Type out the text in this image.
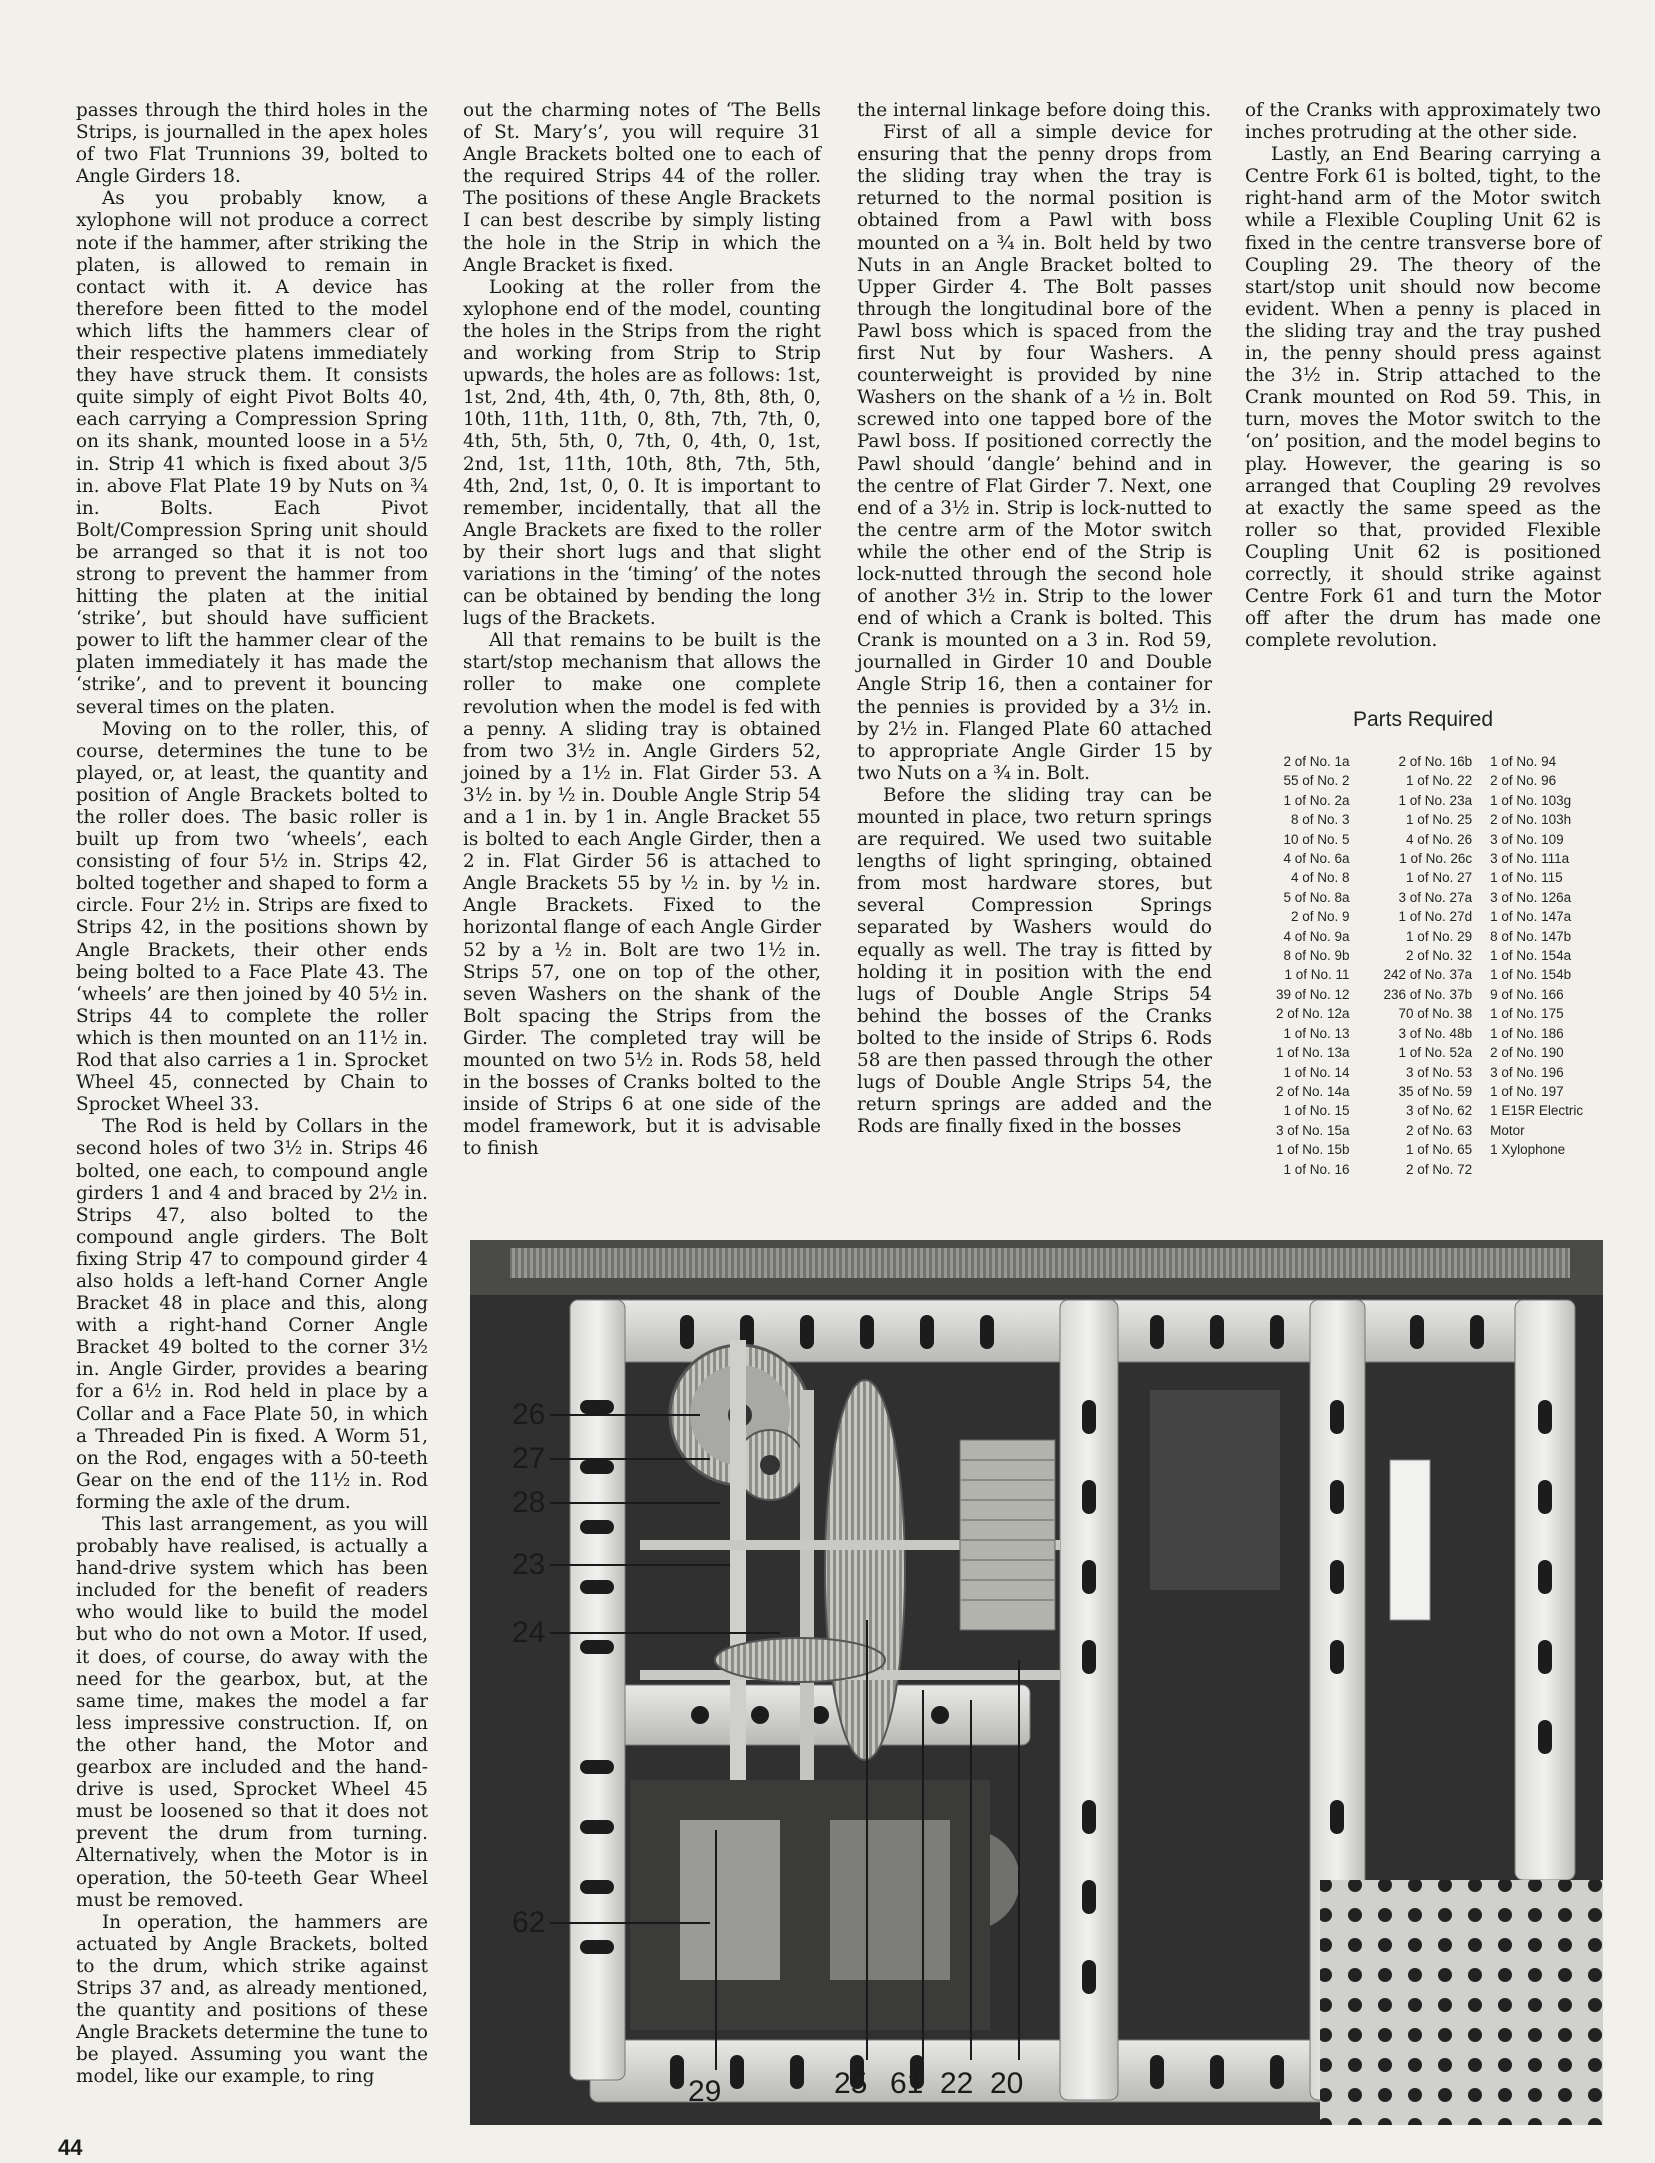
passes through the third holes in the Strips, is journalled in the apex holes of two Flat Trunnions 39, bolted to Angle Girders 18.

As you probably know, a xylophone will not produce a correct note if the hammer, after striking the platen, is allowed to remain in contact with it. A device has therefore been fitted to the model which lifts the hammers clear of their respective platens immediately they have struck them. It consists quite simply of eight Pivot Bolts 40, each carrying a Compression Spring on its shank, mounted loose in a 5½ in. Strip 41 which is fixed about 3/5 in. above Flat Plate 19 by Nuts on ¾ in. Bolts. Each Pivot Bolt/Compression Spring unit should be arranged so that it is not too strong to prevent the hammer from hitting the platen at the initial ‘strike’, but should have sufficient power to lift the hammer clear of the platen immediately it has made the ‘strike’, and to prevent it bouncing several times on the platen.

Moving on to the roller, this, of course, determines the tune to be played, or, at least, the quantity and position of Angle Brackets bolted to the roller does. The basic roller is built up from two ‘wheels’, each consisting of four 5½ in. Strips 42, bolted together and shaped to form a circle. Four 2½ in. Strips are fixed to Strips 42, in the positions shown by Angle Brackets, their other ends being bolted to a Face Plate 43. The ‘wheels’ are then joined by 40 5½ in. Strips 44 to complete the roller which is then mounted on an 11½ in. Rod that also carries a 1 in. Sprocket Wheel 45, connected by Chain to Sprocket Wheel 33.

The Rod is held by Collars in the second holes of two 3½ in. Strips 46 bolted, one each, to compound angle girders 1 and 4 and braced by 2½ in. Strips 47, also bolted to the compound angle girders. The Bolt fixing Strip 47 to compound girder 4 also holds a left-hand Corner Angle Bracket 48 in place and this, along with a right-hand Corner Angle Bracket 49 bolted to the corner 3½ in. Angle Girder, provides a bearing for a 6½ in. Rod held in place by a Collar and a Face Plate 50, in which a Threaded Pin is fixed. A Worm 51, on the Rod, engages with a 50-teeth Gear on the end of the 11½ in. Rod forming the axle of the drum.

This last arrangement, as you will probably have realised, is actually a hand-drive system which has been included for the benefit of readers who would like to build the model but who do not own a Motor. If used, it does, of course, do away with the need for the gearbox, but, at the same time, makes the model a far less impressive construction. If, on the other hand, the Motor and gearbox are included and the hand-drive is used, Sprocket Wheel 45 must be loosened so that it does not prevent the drum from turning. Alternatively, when the Motor is in operation, the 50-teeth Gear Wheel must be removed.

In operation, the hammers are actuated by Angle Brackets, bolted to the drum, which strike against Strips 37 and, as already mentioned, the quantity and positions of these Angle Brackets determine the tune to be played. Assuming you want the model, like our example, to ring

out the charming notes of ‘The Bells of St. Mary’s’, you will require 31 Angle Brackets bolted one to each of the required Strips 44 of the roller. The positions of these Angle Brackets I can best describe by simply listing the hole in the Strip in which the Angle Bracket is fixed.

Looking at the roller from the xylophone end of the model, counting the holes in the Strips from the right and working from Strip to Strip upwards, the holes are as follows: 1st, 1st, 2nd, 4th, 4th, 0, 7th, 8th, 8th, 0, 10th, 11th, 11th, 0, 8th, 7th, 7th, 0, 4th, 5th, 5th, 0, 7th, 0, 4th, 0, 1st, 2nd, 1st, 11th, 10th, 8th, 7th, 5th, 4th, 2nd, 1st, 0, 0. It is important to remember, incidentally, that all the Angle Brackets are fixed to the roller by their short lugs and that slight variations in the ‘timing’ of the notes can be obtained by bending the long lugs of the Brackets.

All that remains to be built is the start/stop mechanism that allows the roller to make one complete revolution when the model is fed with a penny. A sliding tray is obtained from two 3½ in. Angle Girders 52, joined by a 1½ in. Flat Girder 53. A 3½ in. by ½ in. Double Angle Strip 54 and a 1 in. by 1 in. Angle Bracket 55 is bolted to each Angle Girder, then a 2 in. Flat Girder 56 is attached to Angle Brackets 55 by ½ in. by ½ in. Angle Brackets. Fixed to the horizontal flange of each Angle Girder 52 by a ½ in. Bolt are two 1½ in. Strips 57, one on top of the other, seven Washers on the shank of the Bolt spacing the Strips from the Girder. The completed tray will be mounted on two 5½ in. Rods 58, held in the bosses of Cranks bolted to the inside of Strips 6 at one side of the model framework, but it is advisable to finish

the internal linkage before doing this.

First of all a simple device for ensuring that the penny drops from the sliding tray when the tray is returned to the normal position is obtained from a Pawl with boss mounted on a ¾ in. Bolt held by two Nuts in an Angle Bracket bolted to Upper Girder 4. The Bolt passes through the longitudinal bore of the Pawl boss which is spaced from the first Nut by four Washers. A counterweight is provided by nine Washers on the shank of a ½ in. Bolt screwed into one tapped bore of the Pawl boss. If positioned correctly the Pawl should ‘dangle’ behind and in the centre of Flat Girder 7. Next, one end of a 3½ in. Strip is lock-nutted to the centre arm of the Motor switch while the other end of the Strip is lock-nutted through the second hole of another 3½ in. Strip to the lower end of which a Crank is bolted. This Crank is mounted on a 3 in. Rod 59, journalled in Girder 10 and Double Angle Strip 16, then a container for the pennies is provided by a 3½ in. by 2½ in. Flanged Plate 60 attached to appropriate Angle Girder 15 by two Nuts on a ¾ in. Bolt.

Before the sliding tray can be mounted in place, two return springs are required. We used two suitable lengths of light springing, obtained from most hardware stores, but several Compression Springs separated by Washers would do equally as well. The tray is fitted by holding it in position with the end lugs of Double Angle Strips 54 behind the bosses of the Cranks bolted to the inside of Strips 6. Rods 58 are then passed through the other lugs of Double Angle Strips 54, the return springs are added and the Rods are finally fixed in the bosses

of the Cranks with approximately two inches protruding at the other side.

Lastly, an End Bearing carrying a Centre Fork 61 is bolted, tight, to the right-hand arm of the Motor switch while a Flexible Coupling Unit 62 is fixed in the centre transverse bore of Coupling 29. The theory of the start/stop unit should now become evident. When a penny is placed in the sliding tray and the tray pushed in, the penny should press against the 3½ in. Strip attached to the Crank mounted on Rod 59. This, in turn, moves the Motor switch to the ‘on’ position, and the model begins to play. However, the gearing is so arranged that Coupling 29 revolves at exactly the same speed as the roller so that, provided Flexible Coupling Unit 62 is positioned correctly, it should strike against Centre Fork 61 and turn the Motor off after the drum has made one complete revolution.

Parts Required
2 of No. 1a
55 of No. 2
1 of No. 2a
8 of No. 3
10 of No. 5
4 of No. 6a
4 of No. 8
5 of No. 8a
2 of No. 9
4 of No. 9a
8 of No. 9b
1 of No. 11
39 of No. 12
2 of No. 12a
1 of No. 13
1 of No. 13a
1 of No. 14
2 of No. 14a
1 of No. 15
3 of No. 15a
1 of No. 15b
1 of No. 16
2 of No. 16b
1 of No. 22
1 of No. 23a
1 of No. 25
4 of No. 26
1 of No. 26c
1 of No. 27
3 of No. 27a
1 of No. 27d
1 of No. 29
2 of No. 32
242 of No. 37a
236 of No. 37b
70 of No. 38
3 of No. 48b
1 of No. 52a
3 of No. 53
35 of No. 59
3 of No. 62
2 of No. 63
1 of No. 65
2 of No. 72
1 of No. 94
2 of No. 96
1 of No. 103g
2 of No. 103h
3 of No. 109
3 of No. 111a
1 of No. 115
3 of No. 126a
1 of No. 147a
8 of No. 147b
1 of No. 154a
1 of No. 154b
9 of No. 166
1 of No. 175
1 of No. 186
2 of No. 190
3 of No. 196
1 of No. 197
1 E15R Electric
Motor
1 Xylophone
26
27
28
23
24
62
29	25 61 22 20
44
